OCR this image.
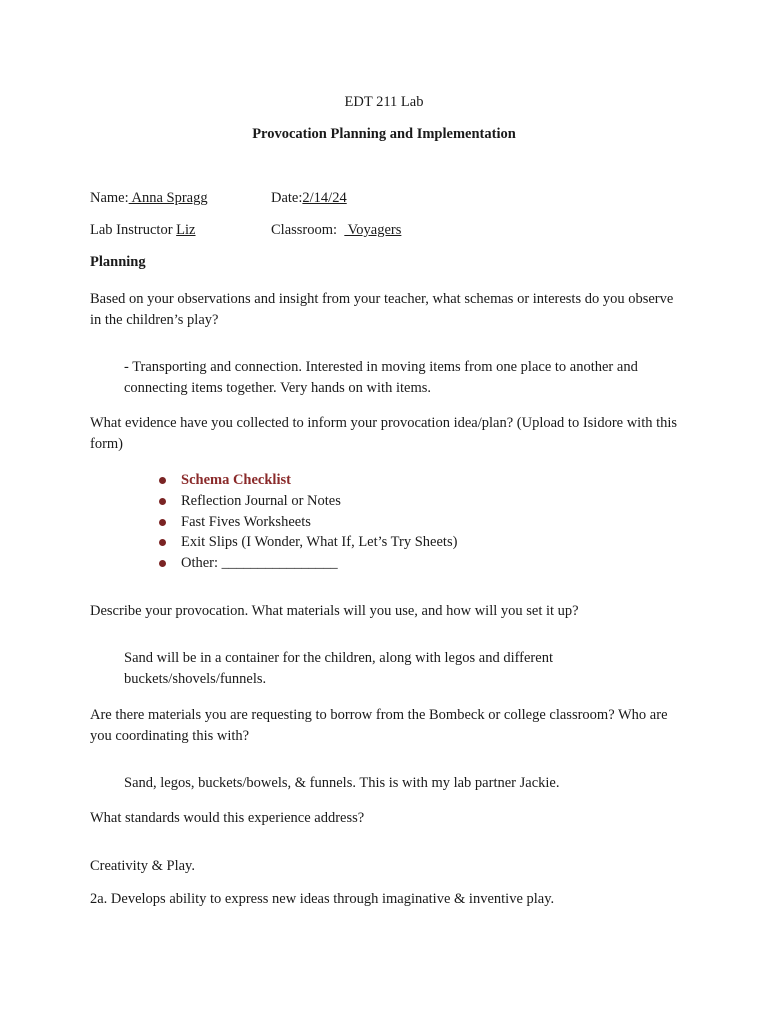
EDT 211 Lab
Provocation Planning and Implementation
Name: Anna Spragg	Date:2/14/24
Lab Instructor Liz	Classroom:   Voyagers
Planning
Based on your observations and insight from your teacher, what schemas or interests do you observe in the children’s play?
- Transporting and connection. Interested in moving items from one place to another and connecting items together. Very hands on with items.
What evidence have you collected to inform your provocation idea/plan? (Upload to Isidore with this form)
Schema Checklist
Reflection Journal or Notes
Fast Fives Worksheets
Exit Slips (I Wonder, What If, Let’s Try Sheets)
Other: ________________
Describe your provocation. What materials will you use, and how will you set it up?
Sand will be in a container for the children, along with legos and different buckets/shovels/funnels.
Are there materials you are requesting to borrow from the Bombeck or college classroom? Who are you coordinating this with?
Sand, legos, buckets/bowels, & funnels. This is with my lab partner Jackie.
What standards would this experience address?
Creativity & Play.
2a. Develops ability to express new ideas through imaginative & inventive play.
